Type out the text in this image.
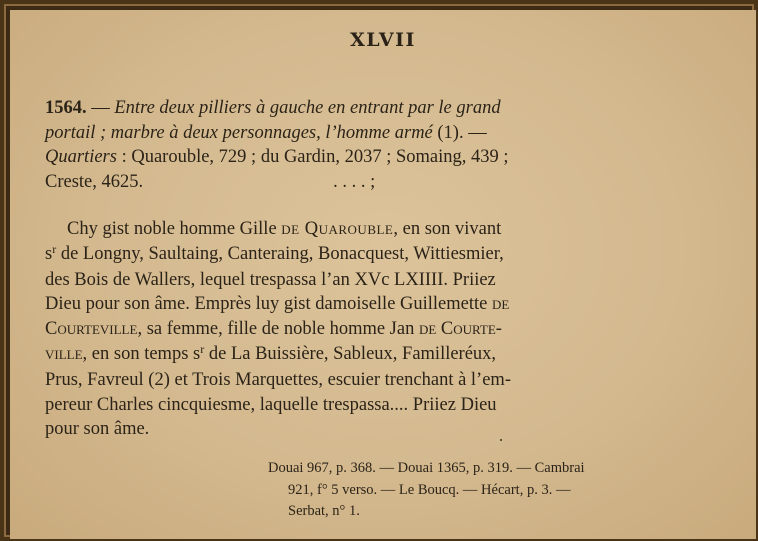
XLVII
1564. — Entre deux pilliers à gauche en entrant par le grand
portail ; marbre à deux personnages, l’homme armé (1). —
Quartiers : Quarouble, 729 ; du Gardin, 2037 ; Somaing, 439 ;
Creste, 4625.	. . . . ;
Chy gist noble homme Gille de Quarouble, en son vivant
$s^r$ de Longny, Saultaing, Canteraing, Bonacquest, Wittiesmier,
des Bois de Wallers, lequel trespassa l’an XVc LXIIII. Priiez
Dieu pour son âme. Emprès luy gist damoiselle Guillemette de
Courteville, sa femme, fille de noble homme Jan de Courte-
ville, en son temps $s^r$ de La Buissière, Sableux, Familleréux,
Prus, Favreul (2) et Trois Marquettes, escuier trenchant à l’em-
pereur Charles cincquiesme, laquelle trespassa.... Priiez Dieu
pour son âme.
Douai 967, p. 368. — Douai 1365, p. 319. — Cambrai
921, f° 5 verso. — Le Boucq. — Hécart, p. 3. —
Serbat, n° 1.
